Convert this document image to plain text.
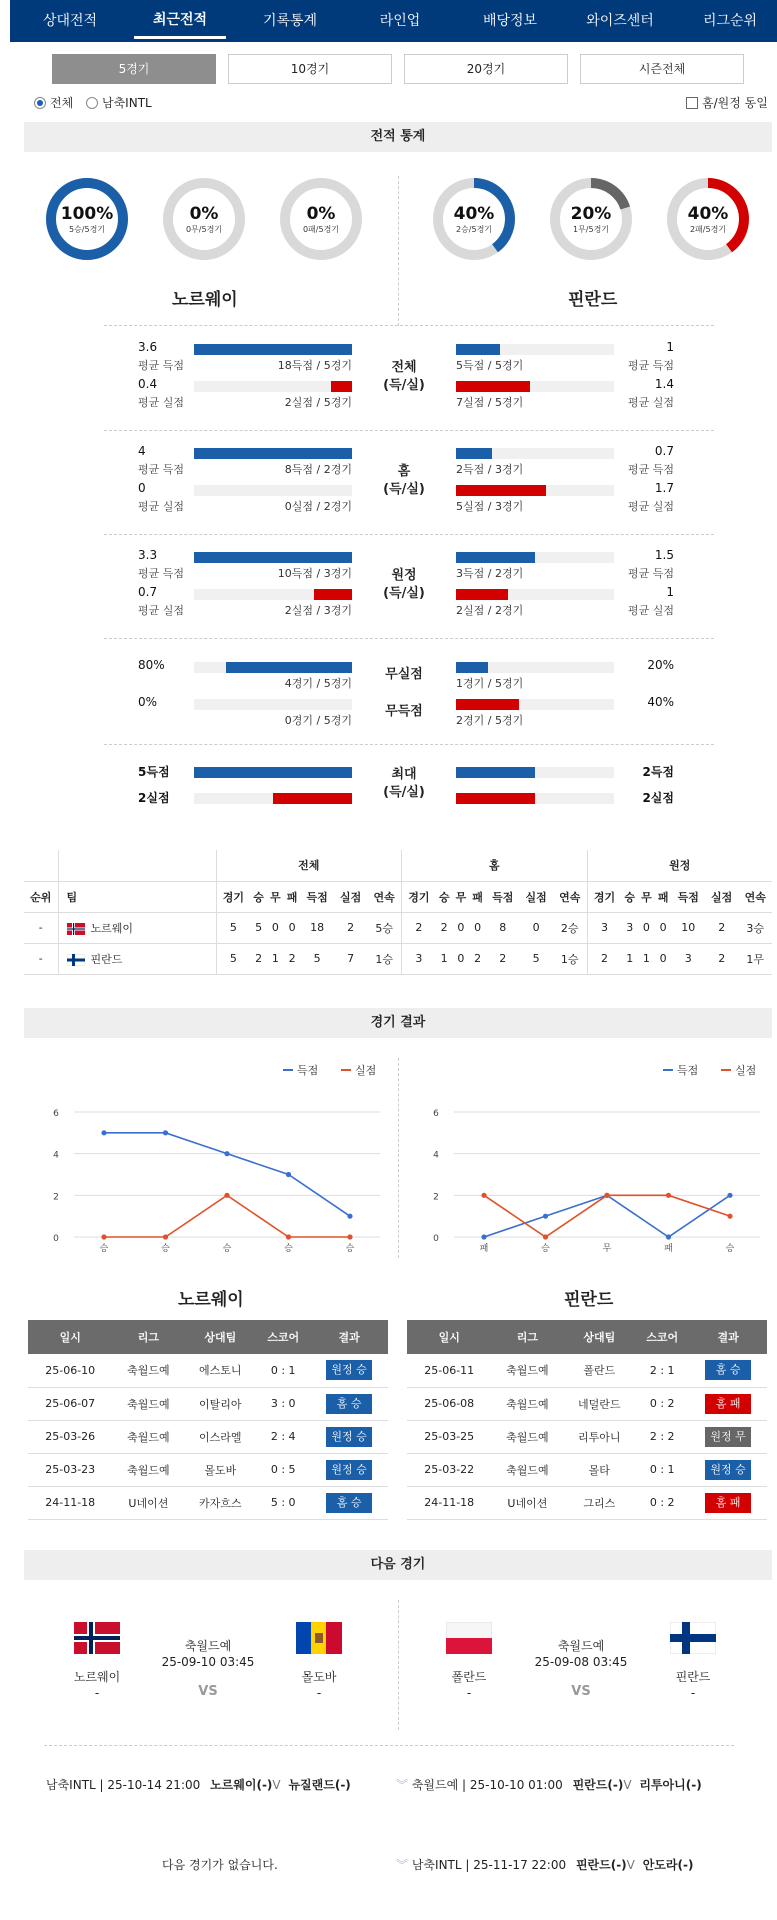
상대전적	최근전적	기록통계	라인업	배당정보	와이즈센터	리그순위
5경기	10경기	20경기	시즌전체
전체 남축INTL	홈/원정 동일
전적 통계
100%
5승/5경기
0%
0무/5경기
0%
0패/5경기
40%
2승/5경기
20%
1무/5경기
40%
2패/5경기
노르웨이	핀란드
3.6
평균 득점
1
평균 득점
18득점 / 5경기	5득점 / 5경기
0.4
평균 실점
1.4
평균 실점
2실점 / 5경기	7실점 / 5경기
전체
(득/실)
4
평균 득점
0.7
평균 득점
8득점 / 2경기	2득점 / 3경기
0
평균 실점
1.7
평균 실점
0실점 / 2경기	5실점 / 3경기
홈
(득/실)
3.3
평균 득점
1.5
평균 득점
10득점 / 3경기	3득점 / 2경기
0.7
평균 실점
1
평균 실점
2실점 / 3경기	2실점 / 2경기
원정
(득/실)
80%	20%
무실점
4경기 / 5경기	1경기 / 5경기
0%	40%
무득점
0경기 / 5경기	2경기 / 5경기
5득점	2득점
2실점	2실점
최대
(득/실)
		전체							홈							원정						
순위	팀	경기	승	무	패	득점	실점	연속	경기	승	무	패	득점	실점	연속	경기	승	무	패	득점	실점	연속
-	노르웨이	5	5	0	0	18	2	5승	2	2	0	0	8	0	2승	3	3	0	0	10	2	3승
-	핀란드	5	2	1	2	5	7	1승	3	1	0	2	2	5	1승	2	1	1	0	3	2	1무
경기 결과
득점	실점
0
2
4
6
승	승	승	승	승
득점	실점
0
2
4
6
패	승	무	패	승
노르웨이	핀란드
일시	리그	상대팀	스코어	결과
25-06-10	축월드예	에스토니	0 : 1	원정 승
25-06-07	축월드예	이탈리아	3 : 0	홈 승
25-03-26	축월드예	이스라엘	2 : 4	원정 승
25-03-23	축월드예	몰도바	0 : 5	원정 승
24-11-18	U네이션	카자흐스	5 : 0	홈 승
일시	리그	상대팀	스코어	결과
25-06-11	축월드예	폴란드	2 : 1	홈 승
25-06-08	축월드예	네덜란드	0 : 2	홈 패
25-03-25	축월드예	리투아니	2 : 2	원정 무
25-03-22	축월드예	몰타	0 : 1	원정 승
24-11-18	U네이션	그리스	0 : 2	홈 패
다음 경기
노르웨이
-
축월드예
25-09-10 03:45
VS
몰도바
-
폴란드
-
축월드예
25-09-08 03:45
VS
핀란드
-
남축INTL | 25-10-14 21:00 노르웨이(-)V 뉴질랜드(-)
다음 경기가 없습니다.
︾ 축월드예 | 25-10-10 01:00 핀란드(-)V 리투아니(-)
︾ 남축INTL | 25-11-17 22:00 핀란드(-)V 안도라(-)
